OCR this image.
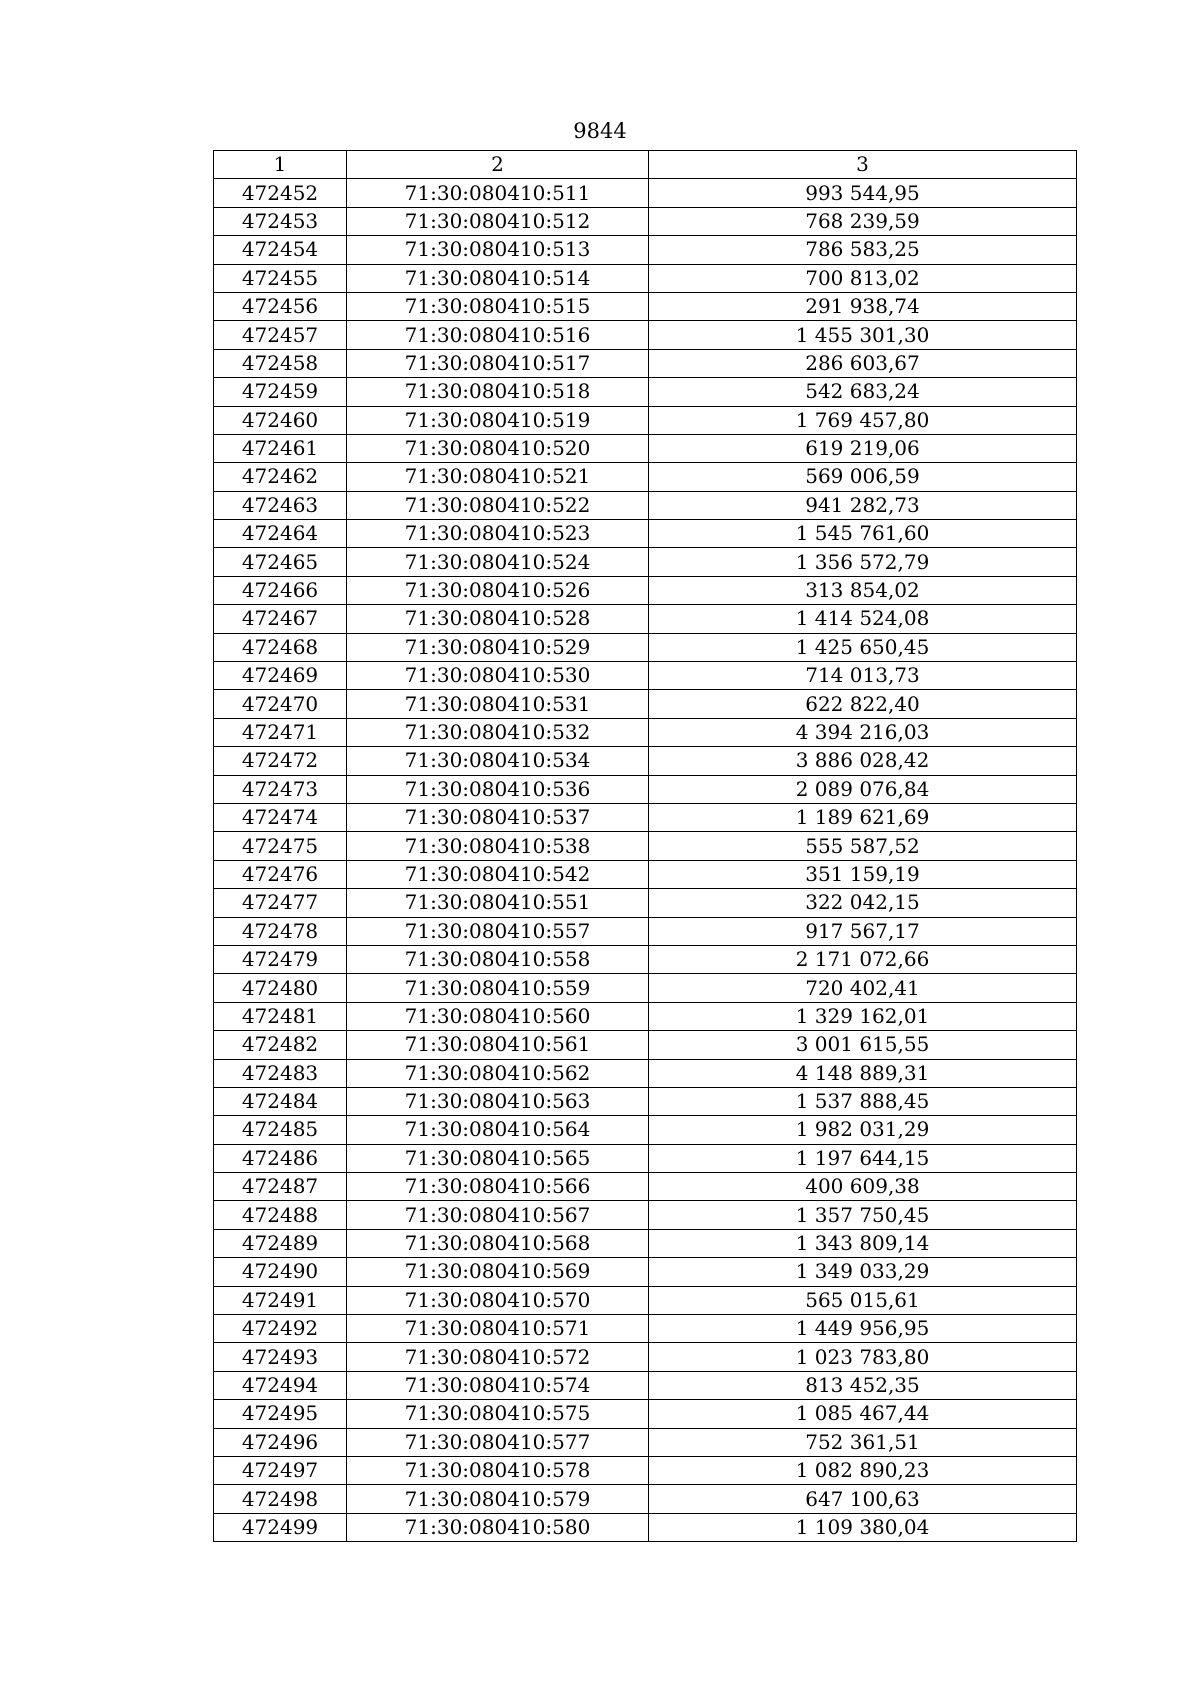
9844
1	2	3
472452	71:30:080410:511	993 544,95
472453	71:30:080410:512	768 239,59
472454	71:30:080410:513	786 583,25
472455	71:30:080410:514	700 813,02
472456	71:30:080410:515	291 938,74
472457	71:30:080410:516	1 455 301,30
472458	71:30:080410:517	286 603,67
472459	71:30:080410:518	542 683,24
472460	71:30:080410:519	1 769 457,80
472461	71:30:080410:520	619 219,06
472462	71:30:080410:521	569 006,59
472463	71:30:080410:522	941 282,73
472464	71:30:080410:523	1 545 761,60
472465	71:30:080410:524	1 356 572,79
472466	71:30:080410:526	313 854,02
472467	71:30:080410:528	1 414 524,08
472468	71:30:080410:529	1 425 650,45
472469	71:30:080410:530	714 013,73
472470	71:30:080410:531	622 822,40
472471	71:30:080410:532	4 394 216,03
472472	71:30:080410:534	3 886 028,42
472473	71:30:080410:536	2 089 076,84
472474	71:30:080410:537	1 189 621,69
472475	71:30:080410:538	555 587,52
472476	71:30:080410:542	351 159,19
472477	71:30:080410:551	322 042,15
472478	71:30:080410:557	917 567,17
472479	71:30:080410:558	2 171 072,66
472480	71:30:080410:559	720 402,41
472481	71:30:080410:560	1 329 162,01
472482	71:30:080410:561	3 001 615,55
472483	71:30:080410:562	4 148 889,31
472484	71:30:080410:563	1 537 888,45
472485	71:30:080410:564	1 982 031,29
472486	71:30:080410:565	1 197 644,15
472487	71:30:080410:566	400 609,38
472488	71:30:080410:567	1 357 750,45
472489	71:30:080410:568	1 343 809,14
472490	71:30:080410:569	1 349 033,29
472491	71:30:080410:570	565 015,61
472492	71:30:080410:571	1 449 956,95
472493	71:30:080410:572	1 023 783,80
472494	71:30:080410:574	813 452,35
472495	71:30:080410:575	1 085 467,44
472496	71:30:080410:577	752 361,51
472497	71:30:080410:578	1 082 890,23
472498	71:30:080410:579	647 100,63
472499	71:30:080410:580	1 109 380,04
